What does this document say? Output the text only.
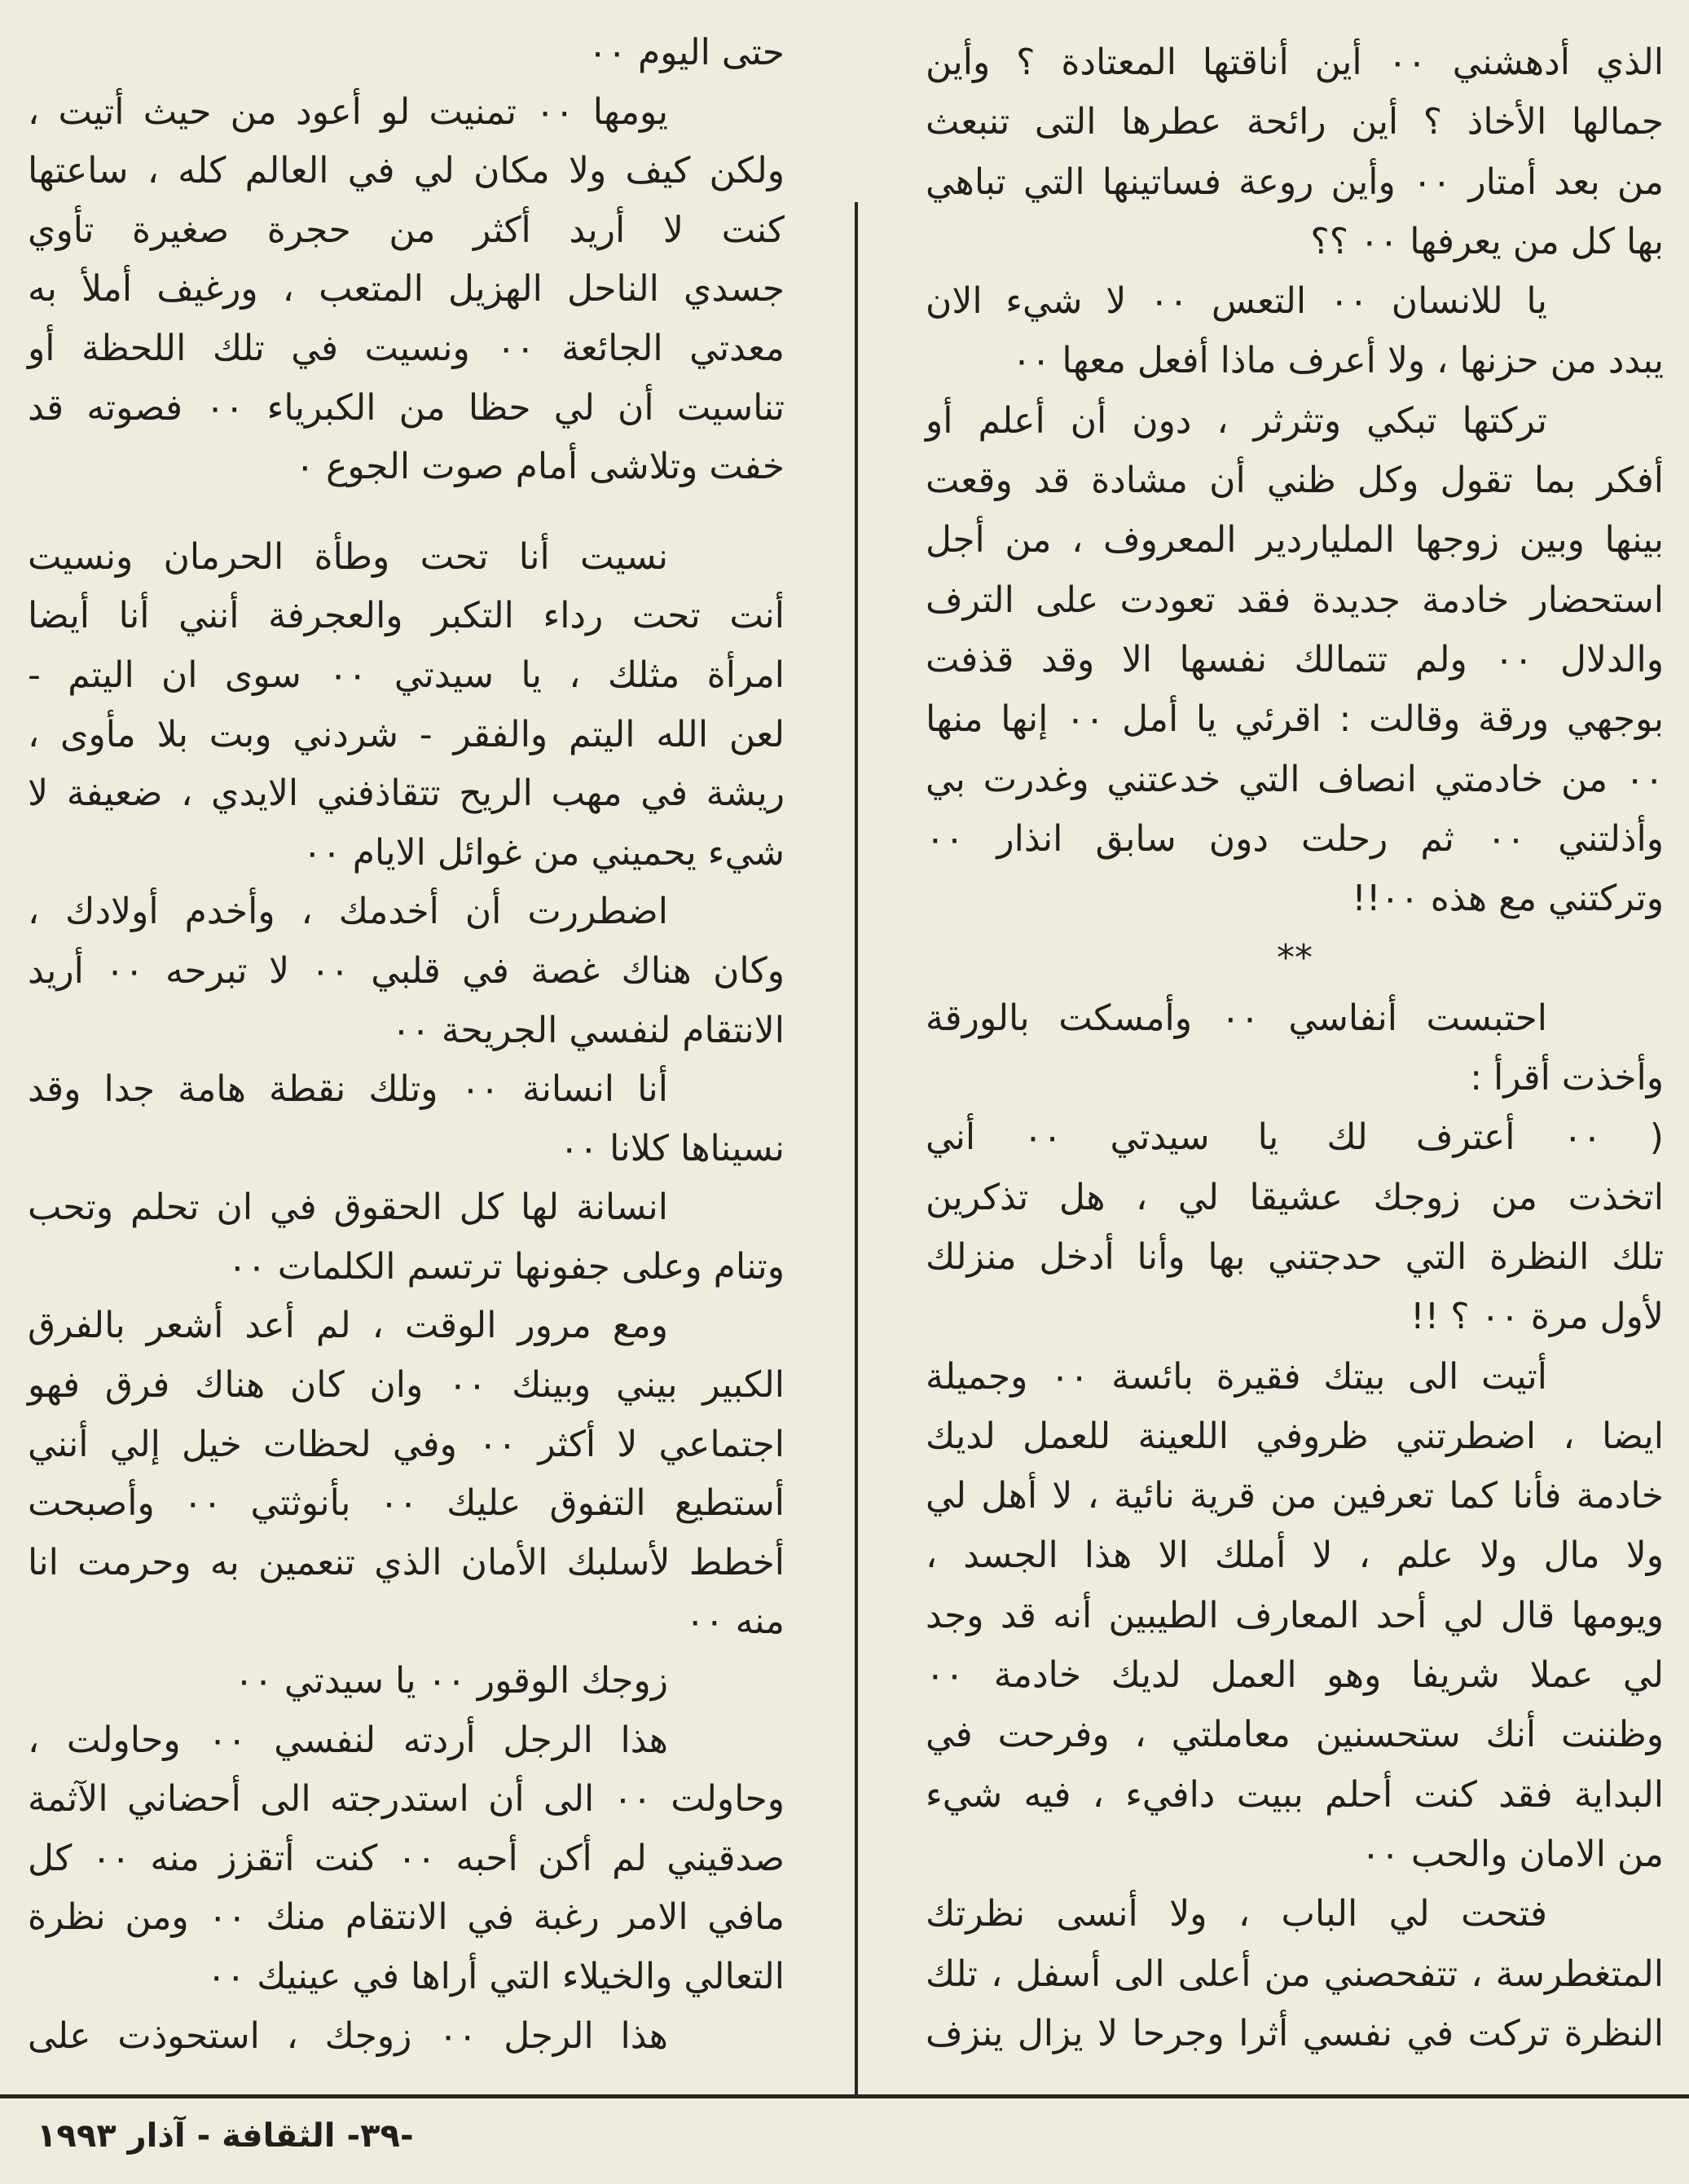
الذي أدهشني ٠٠ أين أناقتها المعتادة ؟ وأين
جمالها الأخاذ ؟ أين رائحة عطرها التى تنبعث
من بعد أمتار ٠٠ وأين روعة فساتينها التي تباهي
بها كل من يعرفها ٠٠ ؟؟
يا للانسان ٠٠ التعس ٠٠ لا شيء الان
يبدد من حزنها ، ولا أعرف ماذا أفعل معها ٠٠
تركتها تبكي وتثرثر ، دون أن أعلم أو
أفكر بما تقول وكل ظني أن مشادة قد وقعت
بينها وبين زوجها الملياردير المعروف ، من أجل
استحضار خادمة جديدة فقد تعودت على الترف
والدلال ٠٠ ولم تتمالك نفسها الا وقد قذفت
بوجهي ورقة وقالت : اقرئي يا أمل ٠٠ إنها منها
٠٠ من خادمتي انصاف التي خدعتني وغدرت بي
وأذلتني ٠٠ ثم رحلت دون سابق انذار ٠٠
وتركتني مع هذه ٠٠!!
**
احتبست أنفاسي ٠٠ وأمسكت بالورقة
وأخذت أقرأ :
( ٠٠ أعترف لك يا سيدتي ٠٠ أني
اتخذت من زوجك عشيقا لي ، هل تذكرين
تلك النظرة التي حدجتني بها وأنا أدخل منزلك
لأول مرة ٠٠ ؟ !!
أتيت الى بيتك فقيرة بائسة ٠٠ وجميلة
ايضا ، اضطرتني ظروفي اللعينة للعمل لديك
خادمة فأنا كما تعرفين من قرية نائية ، لا أهل لي
ولا مال ولا علم ، لا أملك الا هذا الجسد ،
ويومها قال لي أحد المعارف الطيبين أنه قد وجد
لي عملا شريفا وهو العمل لديك خادمة ٠٠
وظننت أنك ستحسنين معاملتي ، وفرحت في
البداية فقد كنت أحلم ببيت دافيء ، فيه شيء
من الامان والحب ٠٠
فتحت لي الباب ، ولا أنسى نظرتك
المتغطرسة ، تتفحصني من أعلى الى أسفل ، تلك
النظرة تركت في نفسي أثرا وجرحا لا يزال ينزف
حتى اليوم ٠٠
يومها ٠٠ تمنيت لو أعود من حيث أتيت ،
ولكن كيف ولا مكان لي في العالم كله ، ساعتها
كنت لا أريد أكثر من حجرة صغيرة تأوي
جسدي الناحل الهزيل المتعب ، ورغيف أملأ به
معدتي الجائعة ٠٠ ونسيت في تلك اللحظة أو
تناسيت أن لي حظا من الكبرياء ٠٠ فصوته قد
خفت وتلاشى أمام صوت الجوع ٠
نسيت أنا تحت وطأة الحرمان ونسيت
أنت تحت رداء التكبر والعجرفة أنني أنا أيضا
امرأة مثلك ، يا سيدتي ٠٠ سوى ان اليتم -
لعن الله اليتم والفقر - شردني وبت بلا مأوى ،
ريشة في مهب الريح تتقاذفني الايدي ، ضعيفة لا
شيء يحميني من غوائل الايام ٠٠
اضطررت أن أخدمك ، وأخدم أولادك ،
وكان هناك غصة في قلبي ٠٠ لا تبرحه ٠٠ أريد
الانتقام لنفسي الجريحة ٠٠
أنا انسانة ٠٠ وتلك نقطة هامة جدا وقد
نسيناها كلانا ٠٠
انسانة لها كل الحقوق في ان تحلم وتحب
وتنام وعلى جفونها ترتسم الكلمات ٠٠
ومع مرور الوقت ، لم أعد أشعر بالفرق
الكبير بيني وبينك ٠٠ وان كان هناك فرق فهو
اجتماعي لا أكثر ٠٠ وفي لحظات خيل إلي أنني
أستطيع التفوق عليك ٠٠ بأنوثتي ٠٠ وأصبحت
أخطط لأسلبك الأمان الذي تنعمين به وحرمت انا
منه ٠٠
زوجك الوقور ٠٠ يا سيدتي ٠٠
هذا الرجل أردته لنفسي ٠٠ وحاولت ،
وحاولت ٠٠ الى أن استدرجته الى أحضاني الآثمة
صدقيني لم أكن أحبه ٠٠ كنت أتقزز منه ٠٠ كل
مافي الامر رغبة في الانتقام منك ٠٠ ومن نظرة
التعالي والخيلاء التي أراها في عينيك ٠٠
هذا الرجل ٠٠ زوجك ، استحوذت على
-٣٩-
الثقافة
-
آذار ١٩٩٣
